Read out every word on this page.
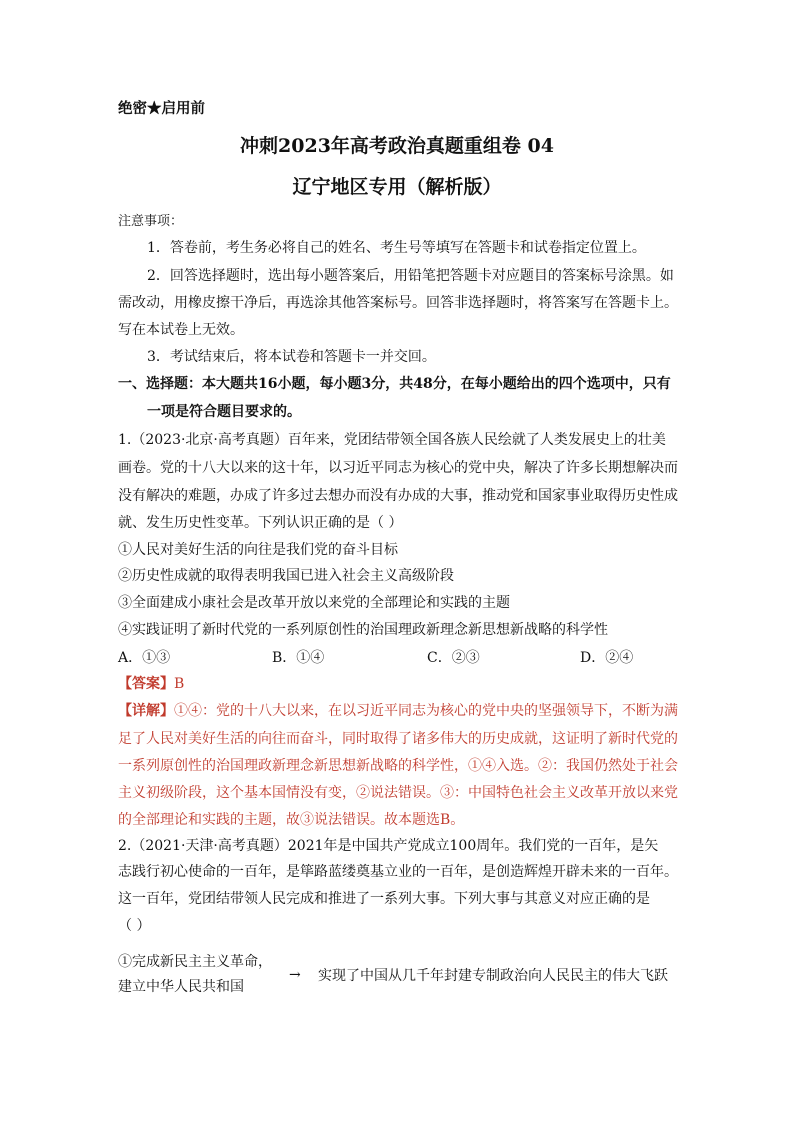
绝密★启用前
冲刺2023年高考政治真题重组卷 04
辽宁地区专用（解析版）
注意事项：
1．答卷前，考生务必将自己的姓名、考生号等填写在答题卡和试卷指定位置上。
2．回答选择题时，选出每小题答案后，用铅笔把答题卡对应题目的答案标号涂黑。如
需改动，用橡皮擦干净后，再选涂其他答案标号。回答非选择题时，将答案写在答题卡上。
写在本试卷上无效。
3．考试结束后，将本试卷和答题卡一并交回。
一、选择题：本大题共16小题，每小题3分，共48分，在每小题给出的四个选项中，只有
一项是符合题目要求的。
1.（2023·北京·高考真题）百年来，党团结带领全国各族人民绘就了人类发展史上的壮美
画卷。党的十八大以来的这十年，以习近平同志为核心的党中央，解决了许多长期想解决而
没有解决的难题，办成了许多过去想办而没有办成的大事，推动党和国家事业取得历史性成
就、发生历史性变革。下列认识正确的是（ ）
①人民对美好生活的向往是我们党的奋斗目标
②历史性成就的取得表明我国已进入社会主义高级阶段
③全面建成小康社会是改革开放以来党的全部理论和实践的主题
④实践证明了新时代党的一系列原创性的治国理政新理念新思想新战略的科学性
A．①③	B．①④	C．②③	D．②④
【答案】B
【详解】①④：党的十八大以来，在以习近平同志为核心的党中央的坚强领导下，不断为满
足了人民对美好生活的向往而奋斗，同时取得了诸多伟大的历史成就，这证明了新时代党的
一系列原创性的治国理政新理念新思想新战略的科学性，①④入选。②：我国仍然处于社会
主义初级阶段，这个基本国情没有变，②说法错误。③：中国特色社会主义改革开放以来党
的全部理论和实践的主题，故③说法错误。故本题选B。
2.（2021·天津·高考真题）2021年是中国共产党成立100周年。我们党的一百年，是矢
志践行初心使命的一百年，是筚路蓝缕奠基立业的一百年，是创造辉煌开辟未来的一百年。
这一百年，党团结带领人民完成和推进了一系列大事。下列大事与其意义对应正确的是
（ ）
①完成新民主主义革命，
建立中华人民共和国
→ 实现了中国从几千年封建专制政治向人民民主的伟大飞跃
